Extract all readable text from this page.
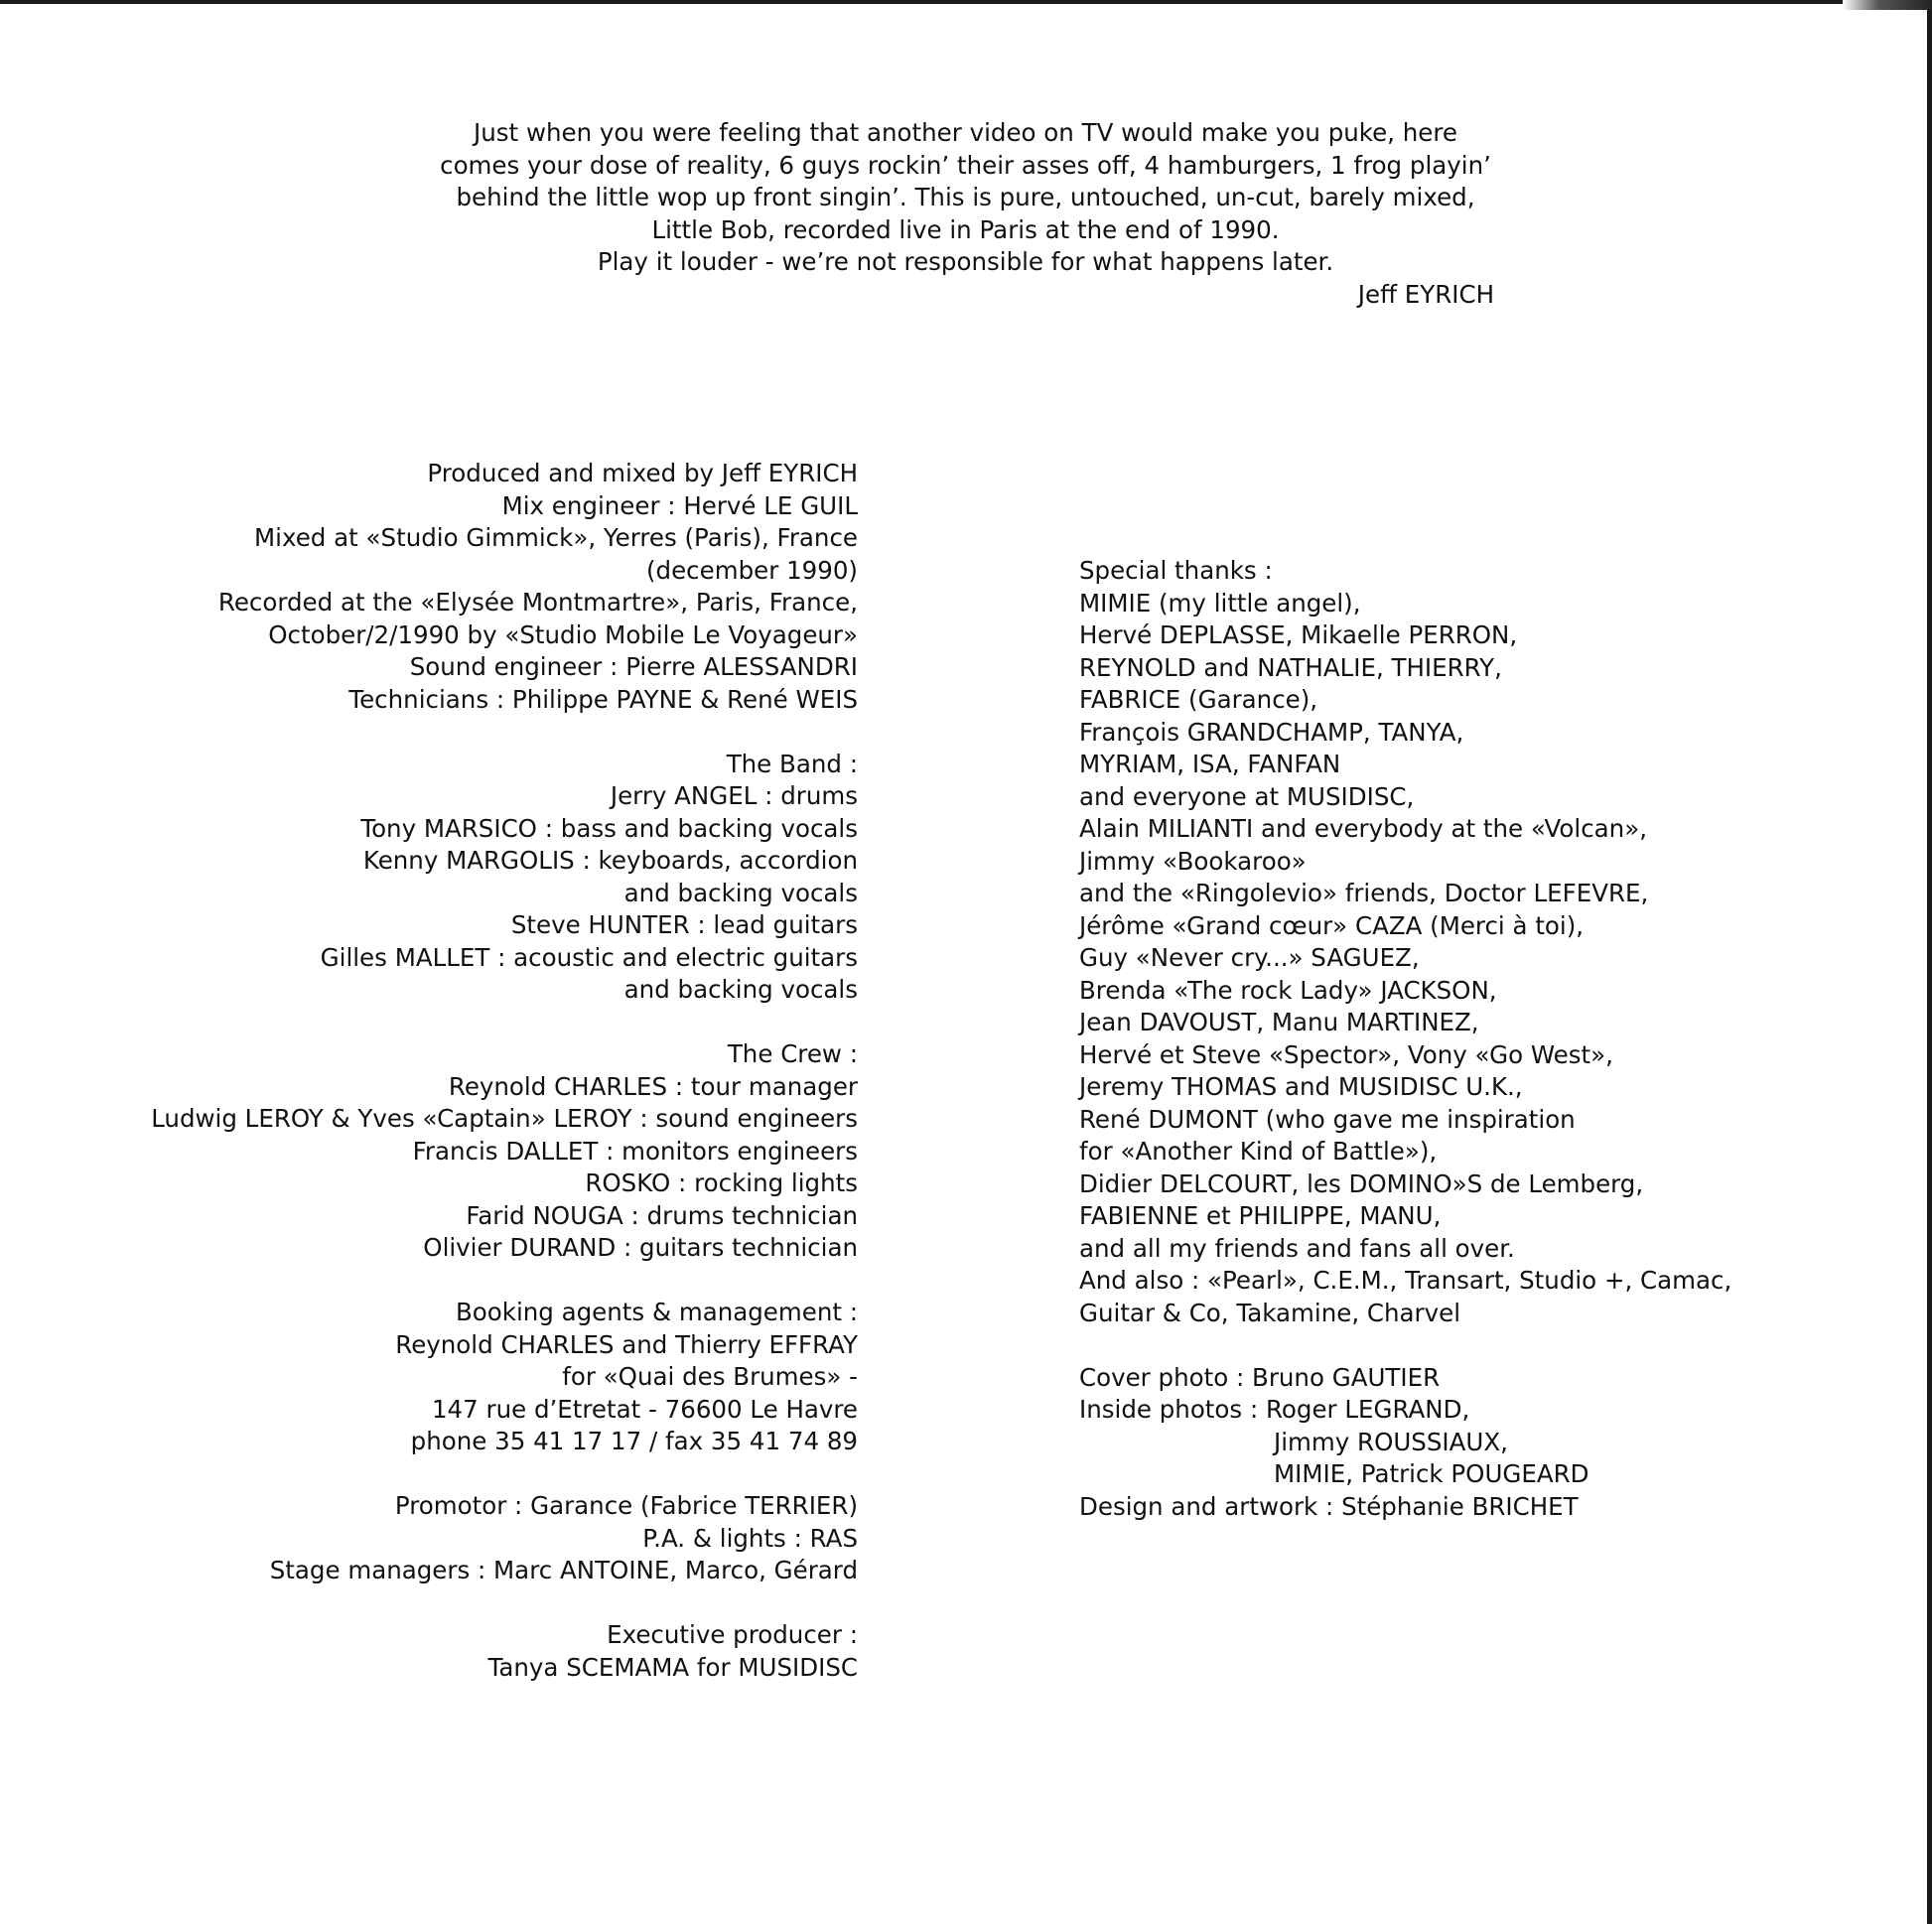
Just when you were feeling that another video on TV would make you puke, here
comes your dose of reality, 6 guys rockin’ their asses off, 4 hamburgers, 1 frog playin’
behind the little wop up front singin’. This is pure, untouched, un-cut, barely mixed,
Little Bob, recorded live in Paris at the end of 1990.
Play it louder - we’re not responsible for what happens later.
Jeff EYRICH
Produced and mixed by Jeff EYRICH
Mix engineer : Hervé LE GUIL
Mixed at «Studio Gimmick», Yerres (Paris), France
(december 1990)
Recorded at the «Elysée Montmartre», Paris, France,
October/2/1990 by «Studio Mobile Le Voyageur»
Sound engineer : Pierre ALESSANDRI
Technicians : Philippe PAYNE & René WEIS
The Band :
Jerry ANGEL : drums
Tony MARSICO : bass and backing vocals
Kenny MARGOLIS : keyboards, accordion
and backing vocals
Steve HUNTER : lead guitars
Gilles MALLET : acoustic and electric guitars
and backing vocals
The Crew :
Reynold CHARLES : tour manager
Ludwig LEROY & Yves «Captain» LEROY : sound engineers
Francis DALLET : monitors engineers
ROSKO : rocking lights
Farid NOUGA : drums technician
Olivier DURAND : guitars technician
Booking agents & management :
Reynold CHARLES and Thierry EFFRAY
for «Quai des Brumes» -
147 rue d’Etretat - 76600 Le Havre
phone 35 41 17 17 / fax 35 41 74 89
Promotor : Garance (Fabrice TERRIER)
P.A. & lights : RAS
Stage managers : Marc ANTOINE, Marco, Gérard
Executive producer :
Tanya SCEMAMA for MUSIDISC
Special thanks :
MIMIE (my little angel),
Hervé DEPLASSE, Mikaelle PERRON,
REYNOLD and NATHALIE, THIERRY,
FABRICE (Garance),
François GRANDCHAMP, TANYA,
MYRIAM, ISA, FANFAN
and everyone at MUSIDISC,
Alain MILIANTI and everybody at the «Volcan»,
Jimmy «Bookaroo»
and the «Ringolevio» friends, Doctor LEFEVRE,
Jérôme «Grand cœur» CAZA (Merci à toi),
Guy «Never cry...» SAGUEZ,
Brenda «The rock Lady» JACKSON,
Jean DAVOUST, Manu MARTINEZ,
Hervé et Steve «Spector», Vony «Go West»,
Jeremy THOMAS and MUSIDISC U.K.,
René DUMONT (who gave me inspiration
for «Another Kind of Battle»),
Didier DELCOURT, les DOMINO»S de Lemberg,
FABIENNE et PHILIPPE, MANU,
and all my friends and fans all over.
And also : «Pearl», C.E.M., Transart, Studio +, Camac,
Guitar & Co, Takamine, Charvel
Cover photo : Bruno GAUTIER
Inside photos : Roger LEGRAND,
Jimmy ROUSSIAUX,
MIMIE, Patrick POUGEARD
Design and artwork : Stéphanie BRICHET
